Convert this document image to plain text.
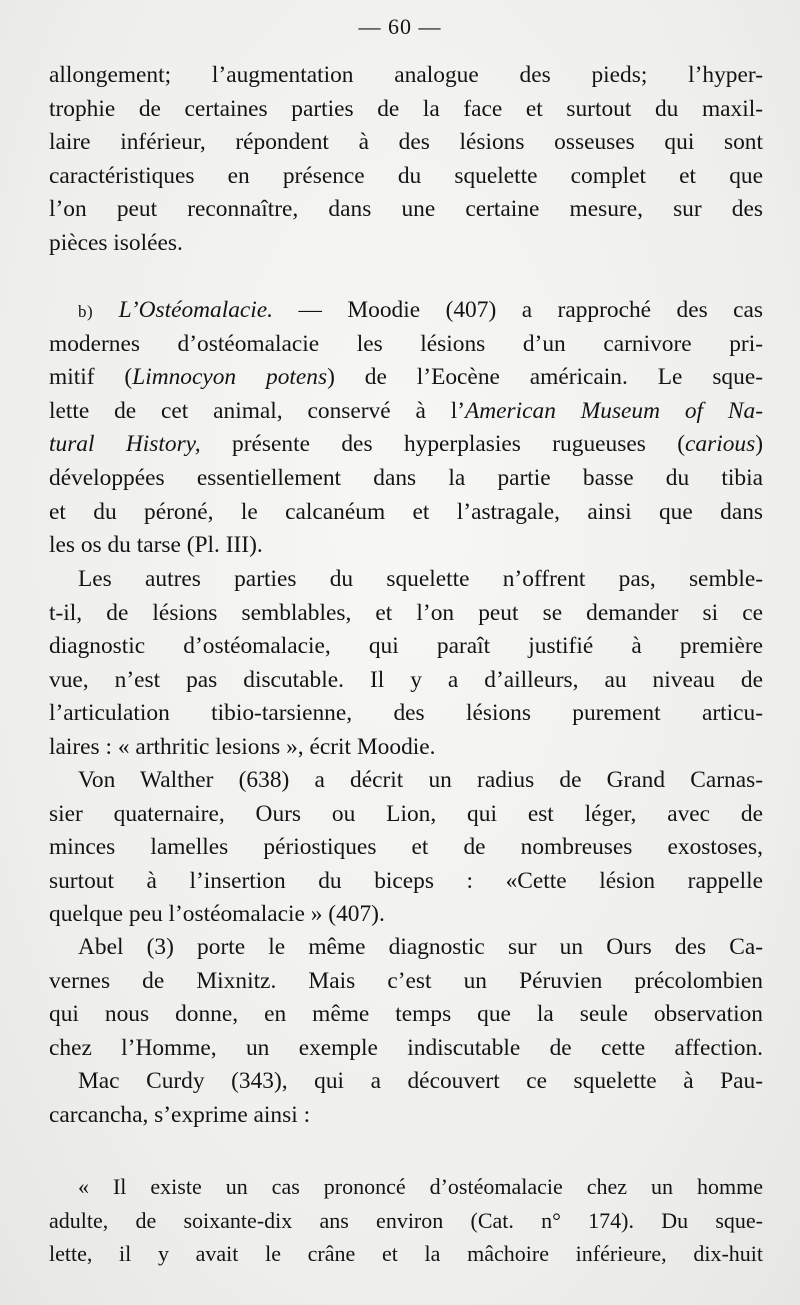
— 60 —
allongement; l’augmentation analogue des pieds; l’hyper-
trophie de certaines parties de la face et surtout du maxil-
laire inférieur, répondent à des lésions osseuses qui sont
caractéristiques en présence du squelette complet et que
l’on peut reconnaître, dans une certaine mesure, sur des
pièces isolées.
b) L’Ostéomalacie. — Moodie (407) a rapproché des cas
modernes d’ostéomalacie les lésions d’un carnivore pri-
mitif (Limnocyon potens) de l’Eocène américain. Le sque-
lette de cet animal, conservé à l’American Museum of Na-
tural History, présente des hyperplasies rugueuses (carious)
développées essentiellement dans la partie basse du tibia
et du péroné, le calcanéum et l’astragale, ainsi que dans
les os du tarse (Pl. III).
Les autres parties du squelette n’offrent pas, semble-
t-il, de lésions semblables, et l’on peut se demander si ce
diagnostic d’ostéomalacie, qui paraît justifié à première
vue, n’est pas discutable. Il y a d’ailleurs, au niveau de
l’articulation tibio-tarsienne, des lésions purement articu-
laires : « arthritic lesions », écrit Moodie.
Von Walther (638) a décrit un radius de Grand Carnas-
sier quaternaire, Ours ou Lion, qui est léger, avec de
minces lamelles périostiques et de nombreuses exostoses,
surtout à l’insertion du biceps : «Cette lésion rappelle
quelque peu l’ostéomalacie » (407).
Abel (3) porte le même diagnostic sur un Ours des Ca-
vernes de Mixnitz. Mais c’est un Péruvien précolombien
qui nous donne, en même temps que la seule observation
chez l’Homme, un exemple indiscutable de cette affection.
Mac Curdy (343), qui a découvert ce squelette à Pau-
carcancha, s’exprime ainsi :
« Il existe un cas prononcé d’ostéomalacie chez un homme
adulte, de soixante-dix ans environ (Cat. n° 174). Du sque-
lette, il y avait le crâne et la mâchoire inférieure, dix-huit
